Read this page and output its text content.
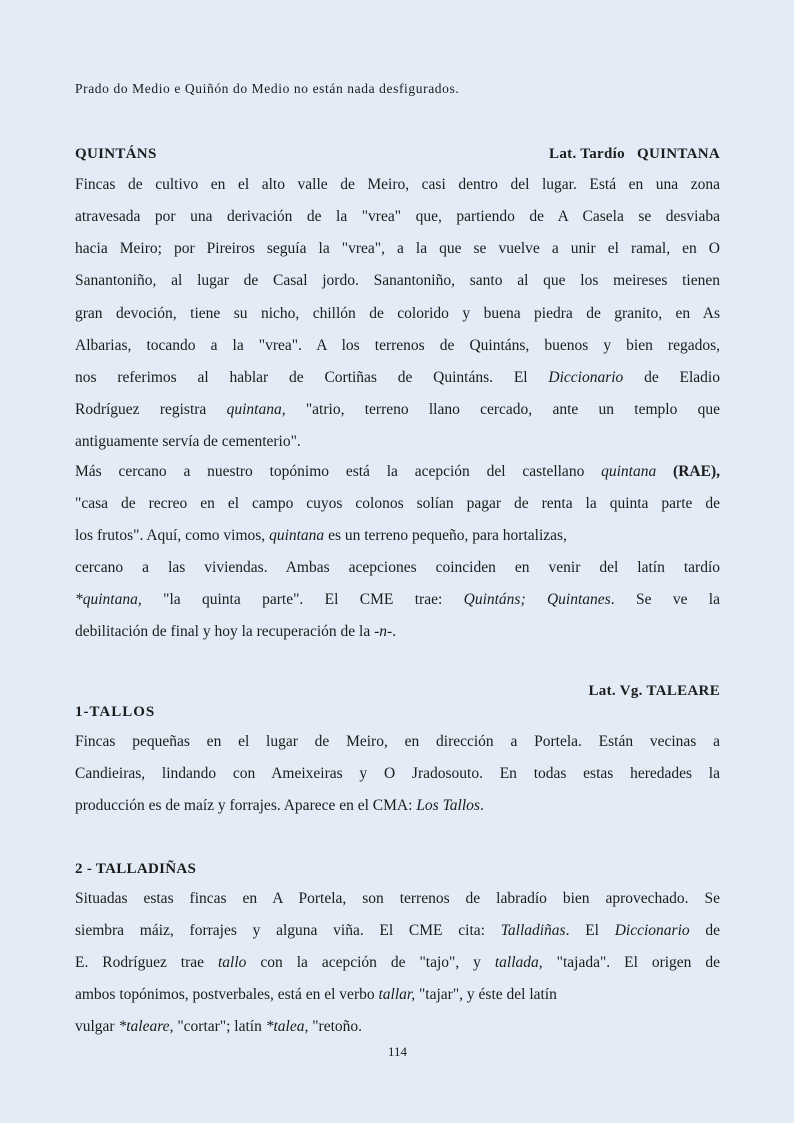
Prado do Medio e Quiñón do Medio no están nada desfigurados.
QUINTÁNS	Lat. Tardío QUINTANA
Fincas de cultivo en el alto valle de Meiro, casi dentro del lugar. Está en una zona
atravesada por una derivación de la "vrea" que, partiendo de A Casela se desviaba
hacia Meiro; por Pireiros seguía la "vrea", a la que se vuelve a unir el ramal, en O
Sanantoniño, al lugar de Casal jordo. Sanantoniño, santo al que los meireses tienen
gran devoción, tiene su nicho, chillón de colorido y buena piedra de granito, en As
Albarias, tocando a la "vrea". A los terrenos de Quintáns, buenos y bien regados,
nos referimos al hablar de Cortiñas de Quintáns. El Diccionario de Eladio
Rodríguez registra quintana, "atrio, terreno llano cercado, ante un templo que
antiguamente servía de cementerio".
Más cercano a nuestro topónimo está la acepción del castellano quintana (RAE),
"casa de recreo en el campo cuyos colonos solían pagar de renta la quinta parte de
los frutos". Aquí, como vimos, quintana es un terreno pequeño, para hortalizas,
cercano a las viviendas. Ambas acepciones coinciden en venir del latín tardío
*quintana, "la quinta parte". El CME trae: Quintáns; Quintanes. Se ve la
debilitación de final y hoy la recuperación de la -n-.
Lat. Vg. TALEARE
1-TALLOS
Fincas pequeñas en el lugar de Meiro, en dirección a Portela. Están vecinas a
Candieiras, lindando con Ameixeiras y O Jradosouto. En todas estas heredades la
producción es de maíz y forrajes. Aparece en el CMA: Los Tallos.
2 - TALLADIÑAS
Situadas estas fincas en A Portela, son terrenos de labradío bien aprovechado. Se
siembra máiz, forrajes y alguna viña. El CME cita: Talladiñas. El Diccionario de
E. Rodríguez trae tallo con la acepción de "tajo", y tallada, "tajada". El origen de
ambos topónimos, postverbales, está en el verbo tallar, "tajar", y éste del latín
vulgar *taleare, "cortar"; latín *talea, "retoño.
114
